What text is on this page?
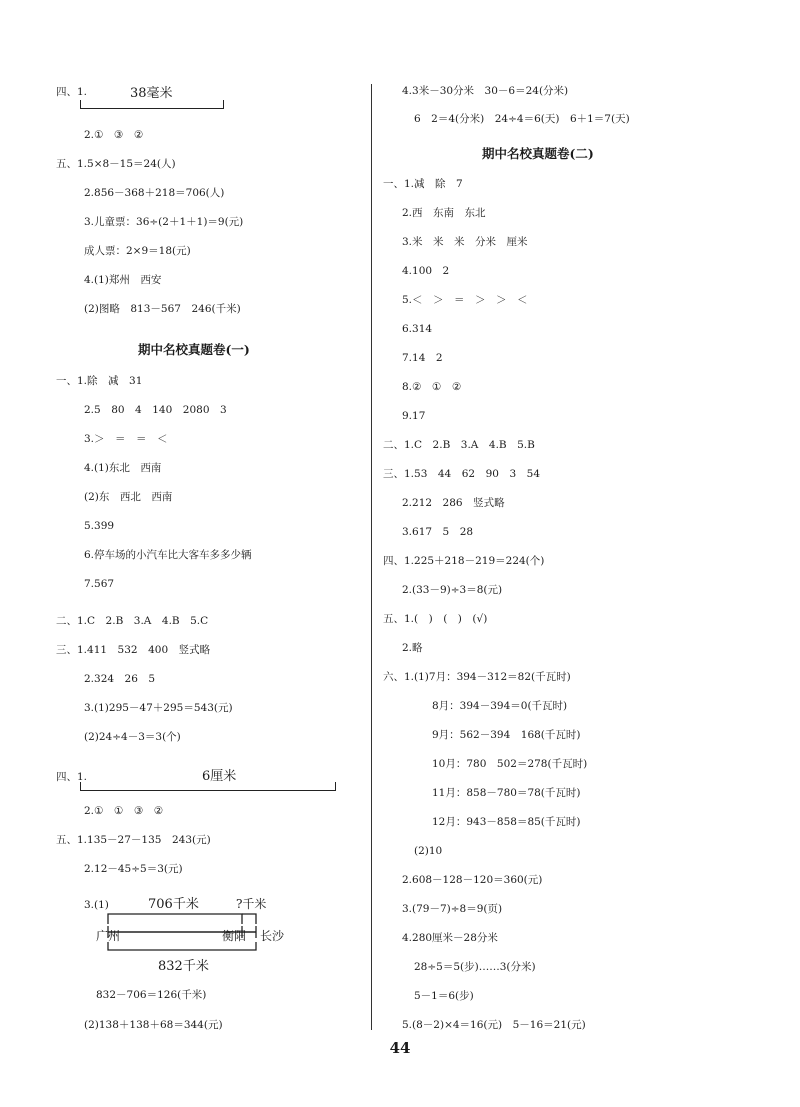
四、1.	38毫米
2.①　③　②
五、1.5×8－15＝24(人)
2.856－368＋218＝706(人)
3.儿童票：36÷(2＋1＋1)＝9(元)
成人票：2×9＝18(元)
4.(1)郑州　西安
(2)图略　813－567　246(千米)
期中名校真题卷(一)
一、1.除　减　31
2.5　80　4　140　2080　3
3.＞　＝　＝　＜
4.(1)东北　西南
(2)东　西北　西南
5.399
6.停车场的小汽车比大客车多多少辆
7.567
二、1.C　2.B　3.A　4.B　5.C
三、1.411　532　400　竖式略
2.324　26　5
3.(1)295－47＋295＝543(元)
(2)24÷4－3＝3(个)
四、1.	6厘米
2.①　①　③　②
五、1.135－27－135　243(元)
2.12－45÷5＝3(元)
3.(1)	706千米	?千米
广州	衡阳 长沙
832千米
832－706＝126(千米)
(2)138＋138＋68＝344(元)
4.3米－30分米　30－6＝24(分米)
6　2＝4(分米)　24÷4＝6(天)　6＋1＝7(天)
期中名校真题卷(二)
一、1.减　除　7
2.西　东南　东北
3.米　米　米　分米　厘米
4.100　2
5.＜　＞　＝　＞　＞　＜
6.314
7.14　2
8.②　①　②
9.17
二、1.C　2.B　3.A　4.B　5.B
三、1.53　44　62　90　3　54
2.212　286　竖式略
3.617　5　28
四、1.225＋218－219＝224(个)
2.(33－9)÷3＝8(元)
五、1.(　)　(　)　(√)
2.略
六、1.(1)7月：394－312＝82(千瓦时)
8月：394－394＝0(千瓦时)
9月：562－394　168(千瓦时)
10月：780　502＝278(千瓦时)
11月：858－780＝78(千瓦时)
12月：943－858＝85(千瓦时)
(2)10
2.608－128－120＝360(元)
3.(79－7)÷8＝9(页)
4.280厘米－28分米
28÷5＝5(步)……3(分米)
5－1＝6(步)
5.(8－2)×4＝16(元)　5－16＝21(元)
44
